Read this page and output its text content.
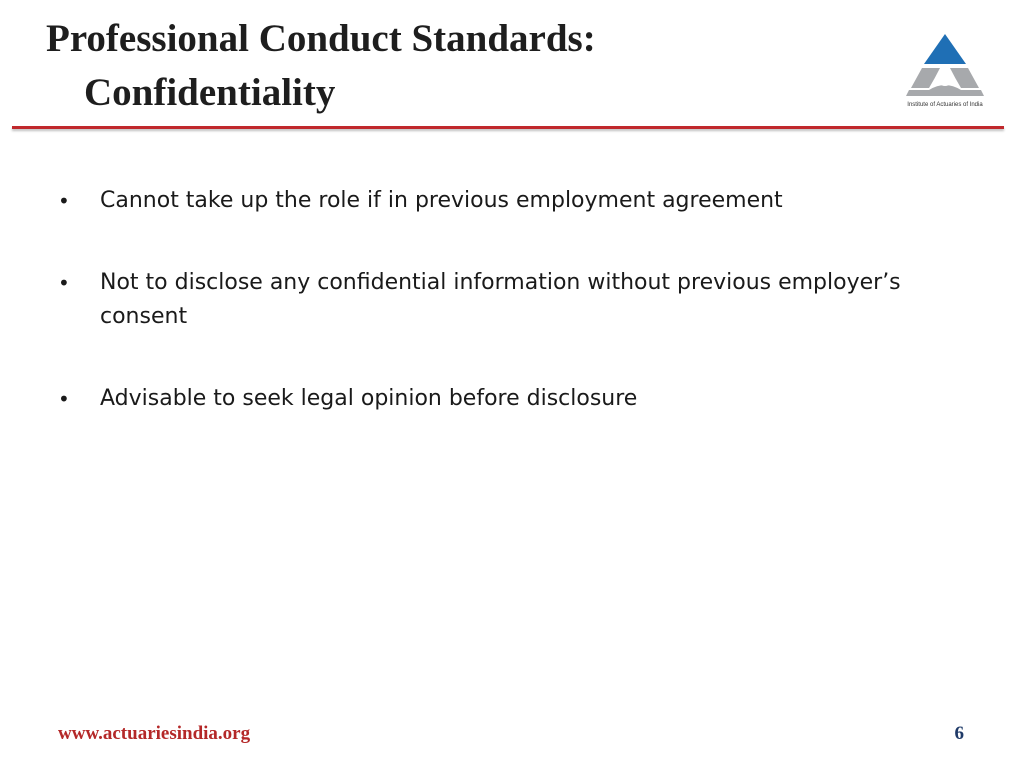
Professional Conduct Standards:
Confidentiality	Institute of Actuaries of India
•	Cannot take up the role if in previous employment agreement
•	Not to disclose any confidential information without previous employer’s consent
•	Advisable to seek legal opinion before disclosure
www.actuariesindia.org	6
